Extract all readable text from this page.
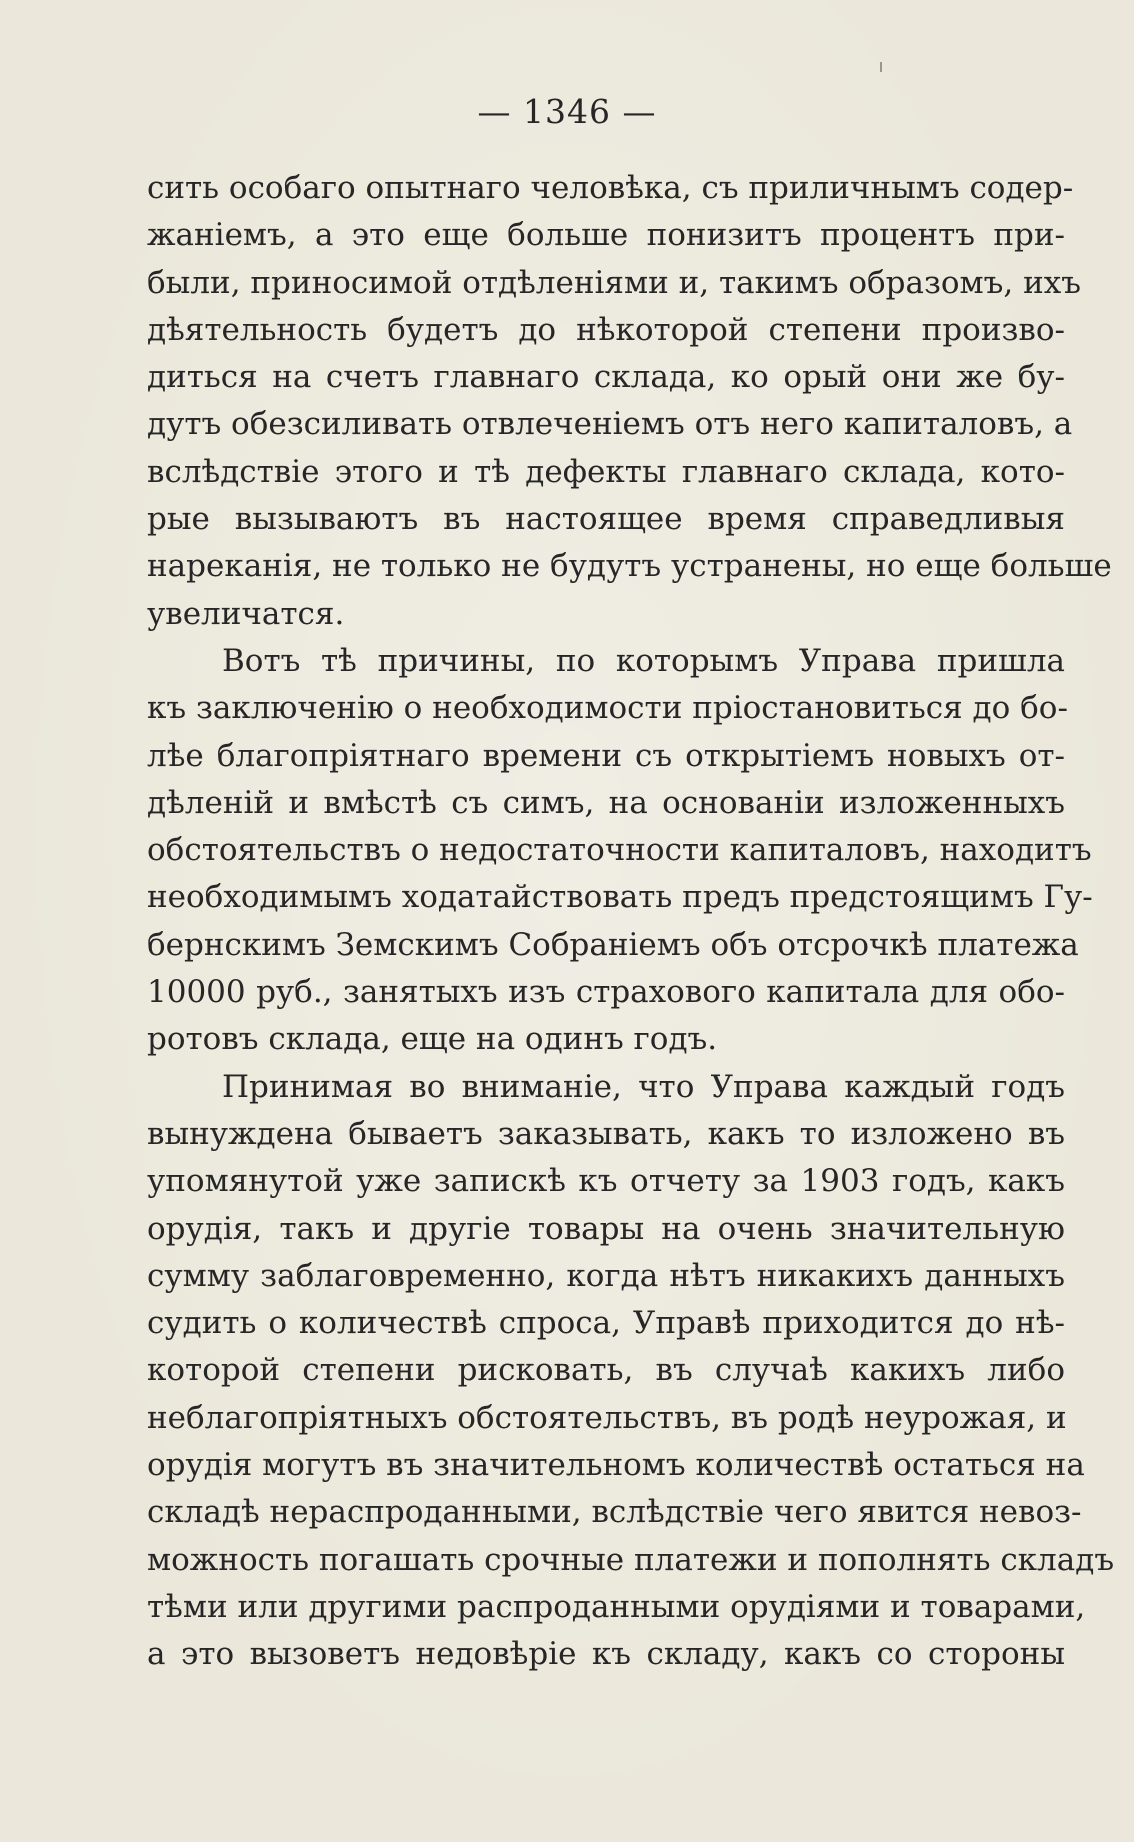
— 1346 —
сить особаго опытнаго человѣка, съ приличнымъ содер-
жаніемъ, а это еще больше понизитъ процентъ при-
были, приносимой отдѣленіями и, такимъ образомъ, ихъ
дѣятельность будетъ до нѣкоторой степени произво-
диться на счетъ главнаго склада, ко орый они же бу-
дутъ обезсиливать отвлеченіемъ отъ него капиталовъ, а
вслѣдствіе этого и тѣ дефекты главнаго склада, кото-
рые вызываютъ въ настоящее время справедливыя
нареканія, не только не будутъ устранены, но еще больше
увеличатся.
Вотъ тѣ причины, по которымъ Управа пришла
къ заключенію о необходимости пріостановиться до бо-
лѣе благопріятнаго времени съ открытіемъ новыхъ от-
дѣленій и вмѣстѣ съ симъ, на основаніи изложенныхъ
обстоятельствъ о недостаточности капиталовъ, находитъ
необходимымъ ходатайствовать предъ предстоящимъ Гу-
бернскимъ Земскимъ Собраніемъ объ отсрочкѣ платежа
10000 руб., занятыхъ изъ страхового капитала для обо-
ротовъ склада, еще на одинъ годъ.
Принимая во вниманіе, что Управа каждый годъ
вынуждена бываетъ заказывать, какъ то изложено въ
упомянутой уже запискѣ къ отчету за 1903 годъ, какъ
орудія, такъ и другіе товары на очень значительную
сумму заблаговременно, когда нѣтъ никакихъ данныхъ
судить о количествѣ спроса, Управѣ приходится до нѣ-
которой степени рисковать, въ случаѣ какихъ либо
неблагопріятныхъ обстоятельствъ, въ родѣ неурожая, и
орудія могутъ въ значительномъ количествѣ остаться на
складѣ нераспроданными, вслѣдствіе чего явится невоз-
можность погашать срочные платежи и пополнять складъ
тѣми или другими распроданными орудіями и товарами,
а это вызоветъ недовѣріе къ складу, какъ со стороны
